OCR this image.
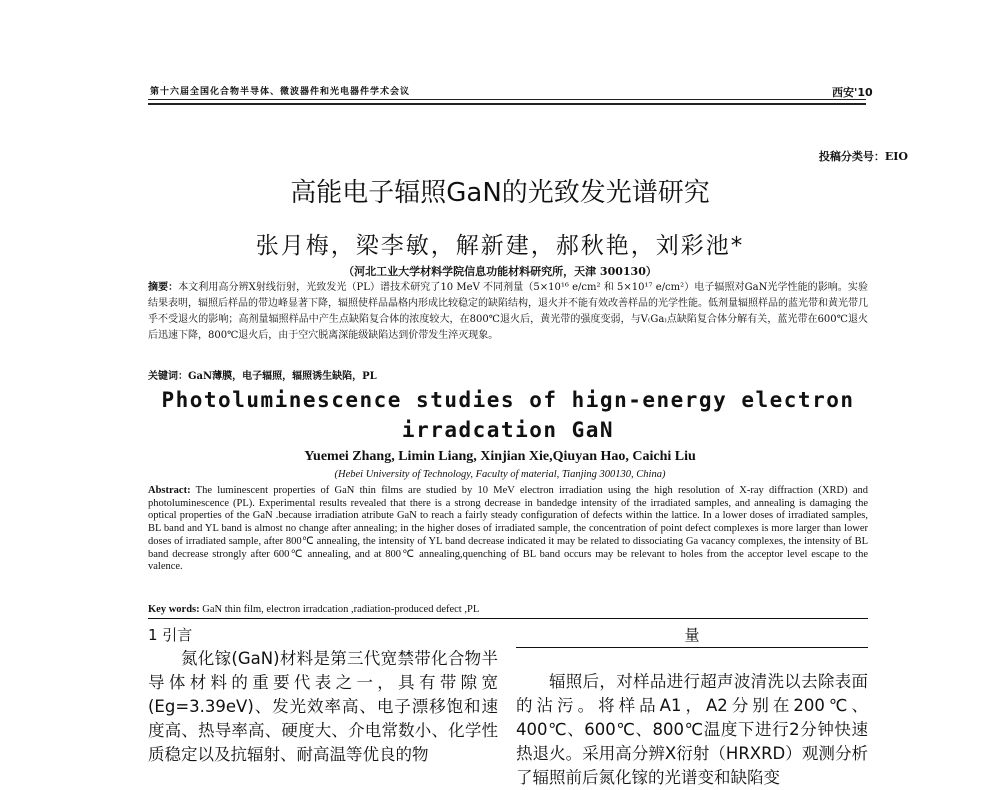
第十六届全国化合物半导体、微波器件和光电器件学术会议	西安'10
投稿分类号：EIO
高能电子辐照GaN的光致发光谱研究
张月梅，梁李敏，解新建，郝秋艳，刘彩池*
（河北工业大学材料学院信息功能材料研究所，天津 300130）
摘要：本文利用高分辨X射线衍射，光致发光（PL）谱技术研究了10 MeV 不同剂量（5×10¹⁶ e/cm² 和 5×10¹⁷ e/cm²）电子辐照对GaN光学性能的影响。实验结果表明，辐照后样品的带边峰显著下降，辐照使样品晶格内形成比较稳定的缺陷结构，退火并不能有效改善样品的光学性能。低剂量辐照样品的蓝光带和黄光带几乎不受退火的影响；高剂量辐照样品中产生点缺陷复合体的浓度较大，在800℃退火后，黄光带的强度变弱，与V₍Ga₎点缺陷复合体分解有关，蓝光带在600℃退火后迅速下降，800℃退火后，由于空穴脱离深能级缺陷达到价带发生淬灭现象。
关键词：GaN薄膜，电子辐照，辐照诱生缺陷，PL
Photoluminescence studies of hign-energy electron irradcation GaN
Yuemei Zhang, Limin Liang, Xinjian Xie,Qiuyan Hao, Caichi Liu
(Hebei University of Technology, Faculty of material, Tianjing 300130, China)
Abstract: The luminescent properties of GaN thin films are studied by 10 MeV electron irradiation using the high resolution of X-ray diffraction (XRD) and photoluminescence (PL). Experimental results revealed that there is a strong decrease in bandedge intensity of the irradiated samples, and annealing is damaging the optical properties of the GaN .because irradiation atribute GaN to reach a fairly steady configuration of defects within the lattice. In a lower doses of irradiated samples, BL band and YL band is almost no change after annealing; in the higher doses of irradiated sample, the concentration of point defect complexes is more larger than lower doses of irradiated sample, after 800℃ annealing, the intensity of YL band decrease indicated it may be related to dissociating Ga vacancy complexes, the intensity of BL band decrease strongly after 600℃ annealing, and at 800℃ annealing,quenching of BL band occurs may be relevant to holes from the acceptor level escape to the valence.
Key words: GaN thin film, electron irradcation ,radiation-produced defect ,PL
1 引言
氮化镓(GaN)材料是第三代宽禁带化合物半导体材料的重要代表之一，具有带隙宽(Eg=3.39eV)、发光效率高、电子漂移饱和速度高、热导率高、硬度大、介电常数小、化学性质稳定以及抗辐射、耐高温等优良的物
量
辐照后，对样品进行超声波清洗以去除表面的沾污。将样品A1，A2分别在200℃、400℃、600℃、800℃温度下进行2分钟快速热退火。采用高分辨X衍射（HRXRD）观测分析了辐照前后氮化镓的光谱变和缺陷变
